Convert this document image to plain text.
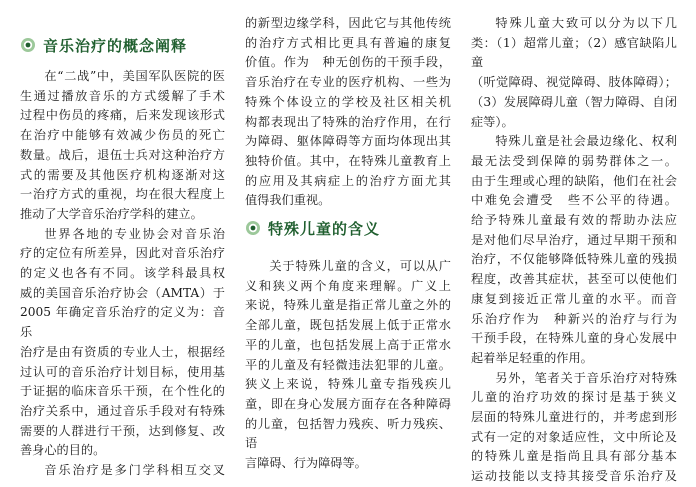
音乐治疗的概念阐释

在“二战”中，美国军队医院的医

生通过播放音乐的方式缓解了手术

过程中伤员的疼痛，后来发现该形式

在治疗中能够有效减少伤员的死亡

数量。战后，退伍士兵对这种治疗方

式的需要及其他医疗机构逐渐对这

一治疗方式的重视，均在很大程度上

推动了大学音乐治疗学科的建立。

世界各地的专业协会对音乐治

疗的定位有所差异，因此对音乐治疗

的定义也各有不同。该学科最具权

威的美国音乐治疗协会（AMTA）于

2005 年确定音乐治疗的定义为：音乐

治疗是由有资质的专业人士，根据经

过认可的音乐治疗计划目标，使用基

于证据的临床音乐干预，在个性化的

治疗关系中，通过音乐手段对有特殊

需要的人群进行干预，达到修复、改

善身心的目的。

音乐治疗是多门学科相互交叉

的新型边缘学科，因此它与其他传统

的治疗方式相比更具有普遍的康复

价值。作为　种无创伤的干预手段，

音乐治疗在专业的医疗机构、一些为

特殊个体设立的学校及社区相关机

构都表现出了特殊的治疗作用，在行

为障碍、躯体障碍等方面均体现出其

独特价值。其中，在特殊儿童教育上

的应用及其病症上的治疗方面尤其

值得我们重视。

特殊儿童的含义

关于特殊儿童的含义，可以从广

义和狭义两个角度来理解。广义上

来说，特殊儿童是指正常儿童之外的

全部儿童，既包括发展上低于正常水

平的儿童，也包括发展上高于正常水

平的儿童及有轻微违法犯罪的儿童。

狭义上来说，特殊儿童专指残疾儿

童，即在身心发展方面存在各种障碍

的儿童，包括智力残疾、听力残疾、语

言障碍、行为障碍等。

特殊儿童大致可以分为以下几

类：（1）超常儿童；（2）感官缺陷儿童

（听觉障碍、视觉障碍、肢体障碍）；

（3）发展障碍儿童（智力障碍、自闭

症等）。

特殊儿童是社会最边缘化、权利

最无法受到保障的弱势群体之一。

由于生理或心理的缺陷，他们在社会

中难免会遭受　些不公平的待遇。

给予特殊儿童最有效的帮助办法应

是对他们尽早治疗，通过早期干预和

治疗，不仅能够降低特殊儿童的残损

程度，改善其症状，甚至可以使他们

康复到接近正常儿童的水平。而音

乐治疗作为　种新兴的治疗与行为

干预手段，在特殊儿童的身心发展中

起着举足轻重的作用。

另外，笔者关于音乐治疗对特殊

儿童的治疗功效的探讨是基于狭义

层面的特殊儿童进行的，并考虑到形

式有一定的对象适应性，文中所论及

的特殊儿童是指尚且具有部分基本

运动技能以支持其接受音乐治疗及
